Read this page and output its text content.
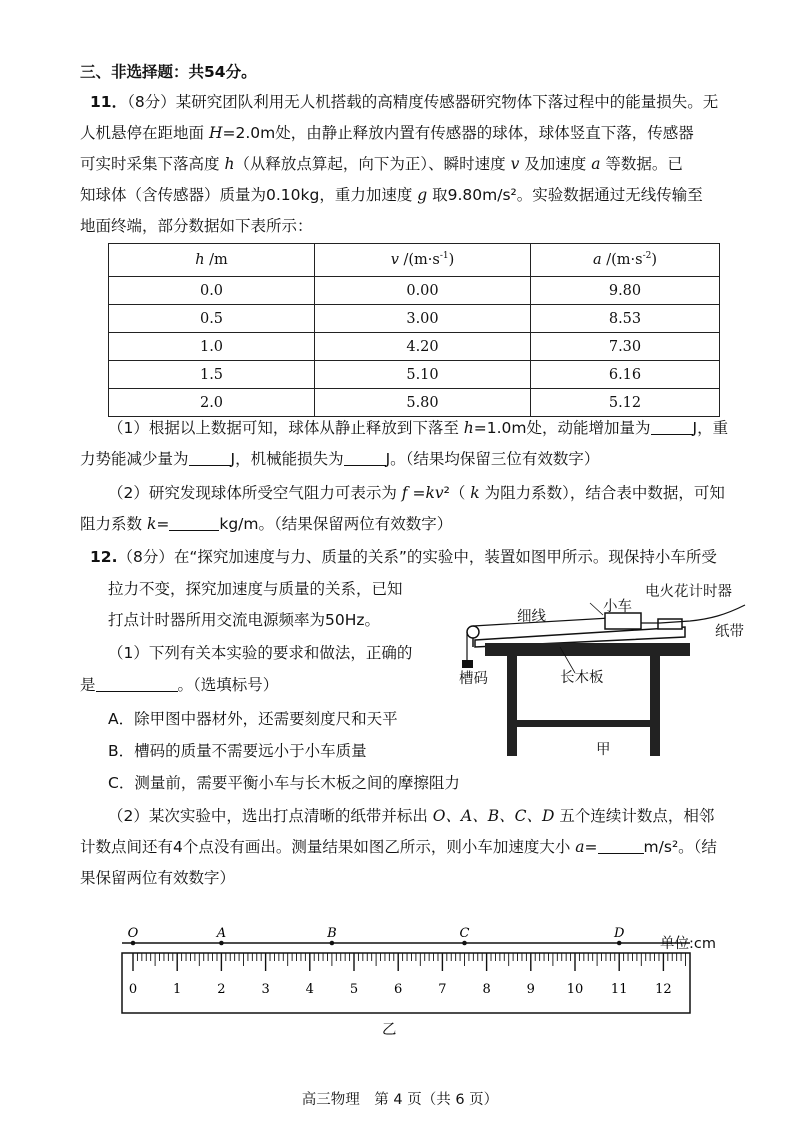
三、非选择题：共54分。
11．（8分）某研究团队利用无人机搭载的高精度传感器研究物体下落过程中的能量损失。无
人机悬停在距地面 H=2.0m处，由静止释放内置有传感器的球体，球体竖直下落，传感器
可实时采集下落高度 h（从释放点算起，向下为正）、瞬时速度 v 及加速度 a 等数据。已
知球体（含传感器）质量为0.10kg，重力加速度 g 取9.80m/s²。实验数据通过无线传输至
地面终端，部分数据如下表所示：
h /m	v $/(m\cdot s^{-1})$	a $/(m\cdot s^{-2})$
0.0	0.00	9.80
0.5	3.00	8.53
1.0	4.20	7.30
1.5	5.10	6.16
2.0	5.80	5.12
（1）根据以上数据可知，球体从静止释放到下落至 h=1.0m处，动能增加量为	J，重
力势能减少量为	J，机械能损失为	J。（结果均保留三位有效数字）
（2）研究发现球体所受空气阻力可表示为 f =kv²（ k 为阻力系数），结合表中数据，可知
阻力系数 k=	kg/m。（结果保留两位有效数字）
12.（8分）在“探究加速度与力、质量的关系”的实验中，装置如图甲所示。现保持小车所受
拉力不变，探究加速度与质量的关系，已知
打点计时器所用交流电源频率为50Hz。
（1）下列有关本实验的要求和做法，正确的
是	。（选填标号）
A．除甲图中器材外，还需要刻度尺和天平
B．槽码的质量不需要远小于小车质量
C．测量前，需要平衡小车与长木板之间的摩擦阻力
（2）某次实验中，选出打点清晰的纸带并标出 O、A、B、C、D 五个连续计数点，相邻
计数点间还有4个点没有画出。测量结果如图乙所示，则小车加速度大小 a=	m/s²。（结
果保留两位有效数字）
细线
小车
电火花计时器
纸带
槽码	长木板
甲
0	1	2	3	4	5	6	7	8	9 10 11 12
O	A	B	C	D
单位:cm
乙
高三物理　第 4 页（共 6 页）
